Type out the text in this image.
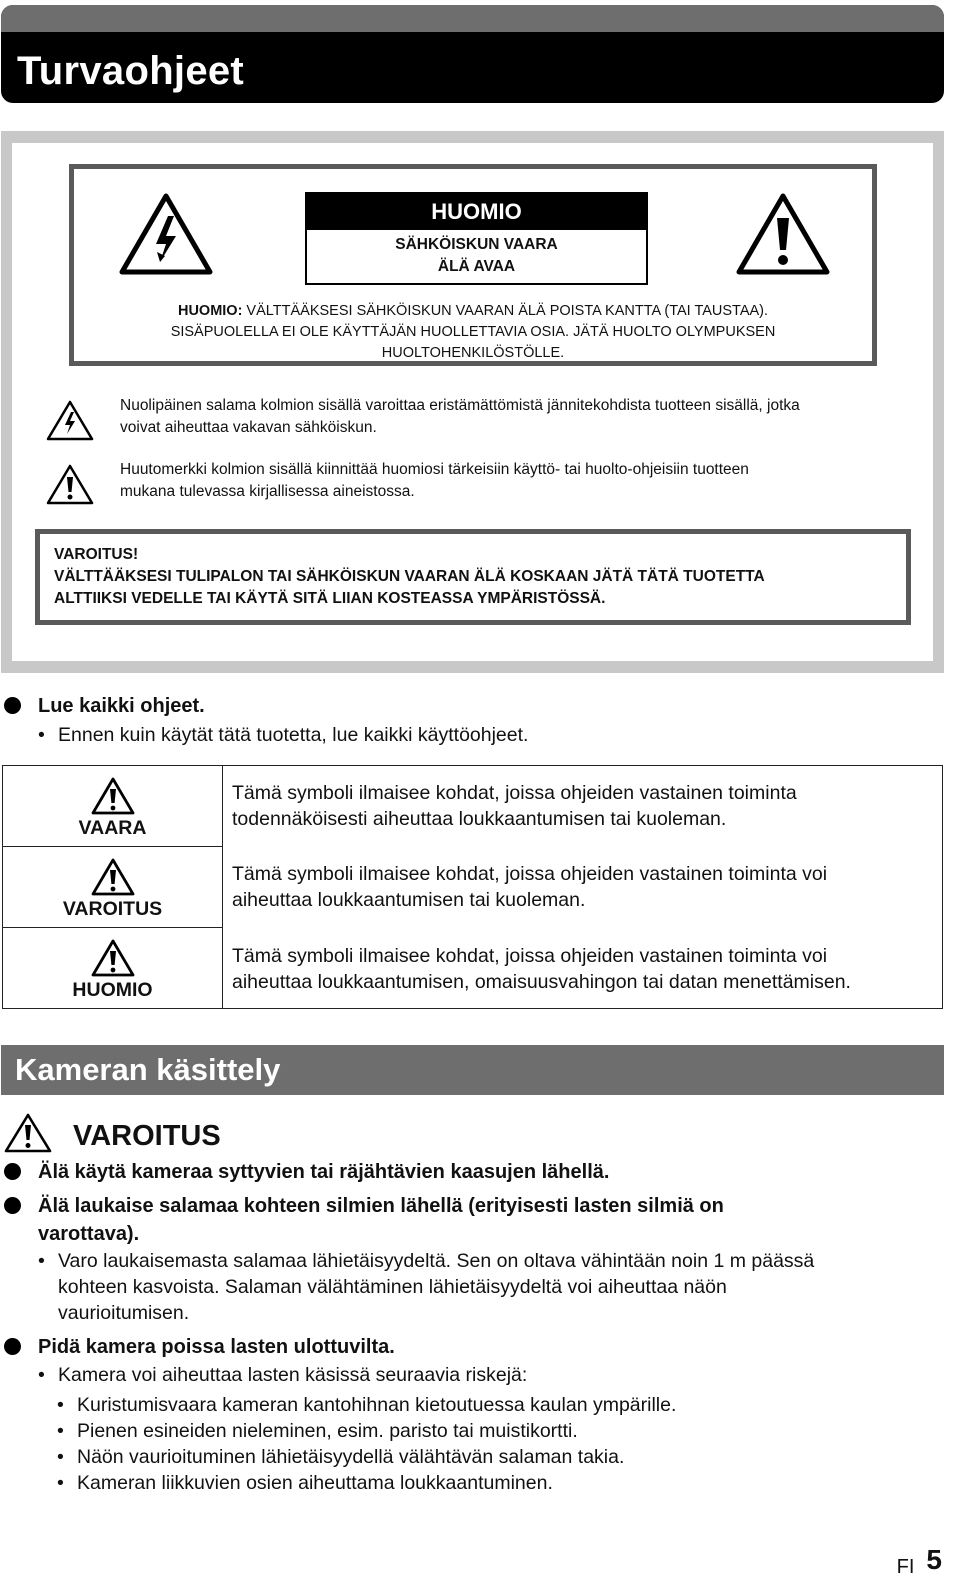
Turvaohjeet
HUOMIO
SÄHKÖISKUN VAARA
ÄLÄ AVAA
HUOMIO: VÄLTTÄÄKSESI SÄHKÖISKUN VAARAN ÄLÄ POISTA KANTTA (TAI TAUSTAA).
SISÄPUOLELLA EI OLE KÄYTTÄJÄN HUOLLETTAVIA OSIA. JÄTÄ HUOLTO OLYMPUKSEN
HUOLTOHENKILÖSTÖLLE.
Nuolipäinen salama kolmion sisällä varoittaa eristämättömistä jännitekohdista tuotteen sisällä, jotka
voivat aiheuttaa vakavan sähköiskun.
Huutomerkki kolmion sisällä kiinnittää huomiosi tärkeisiin käyttö- tai huolto-ohjeisiin tuotteen
mukana tulevassa kirjallisessa aineistossa.
VAROITUS!
VÄLTTÄÄKSESI TULIPALON TAI SÄHKÖISKUN VAARAN ÄLÄ KOSKAAN JÄTÄ TÄTÄ TUOTETTA
ALTTIIKSI VEDELLE TAI KÄYTÄ SITÄ LIIAN KOSTEASSA YMPÄRISTÖSSÄ.
Lue kaikki ohjeet.
• Ennen kuin käytät tätä tuotetta, lue kaikki käyttöohjeet.
VAARA
Tämä symboli ilmaisee kohdat, joissa ohjeiden vastainen toiminta
todennäköisesti aiheuttaa loukkaantumisen tai kuoleman.
VAROITUS
Tämä symboli ilmaisee kohdat, joissa ohjeiden vastainen toiminta voi
aiheuttaa loukkaantumisen tai kuoleman.
HUOMIO
Tämä symboli ilmaisee kohdat, joissa ohjeiden vastainen toiminta voi
aiheuttaa loukkaantumisen, omaisuusvahingon tai datan menettämisen.
Kameran käsittely
VAROITUS
Älä käytä kameraa syttyvien tai räjähtävien kaasujen lähellä.
Älä laukaise salamaa kohteen silmien lähellä (erityisesti lasten silmiä on
varottava).
• Varo laukaisemasta salamaa lähietäisyydeltä. Sen on oltava vähintään noin 1 m päässä
kohteen kasvoista. Salaman välähtäminen lähietäisyydeltä voi aiheuttaa näön
vaurioitumisen.
Pidä kamera poissa lasten ulottuvilta.
• Kamera voi aiheuttaa lasten käsissä seuraavia riskejä:
• Kuristumisvaara kameran kantohihnan kietoutuessa kaulan ympärille.
• Pienen esineiden nieleminen, esim. paristo tai muistikortti.
• Näön vaurioituminen lähietäisyydellä välähtävän salaman takia.
• Kameran liikkuvien osien aiheuttama loukkaantuminen.
FI 5
